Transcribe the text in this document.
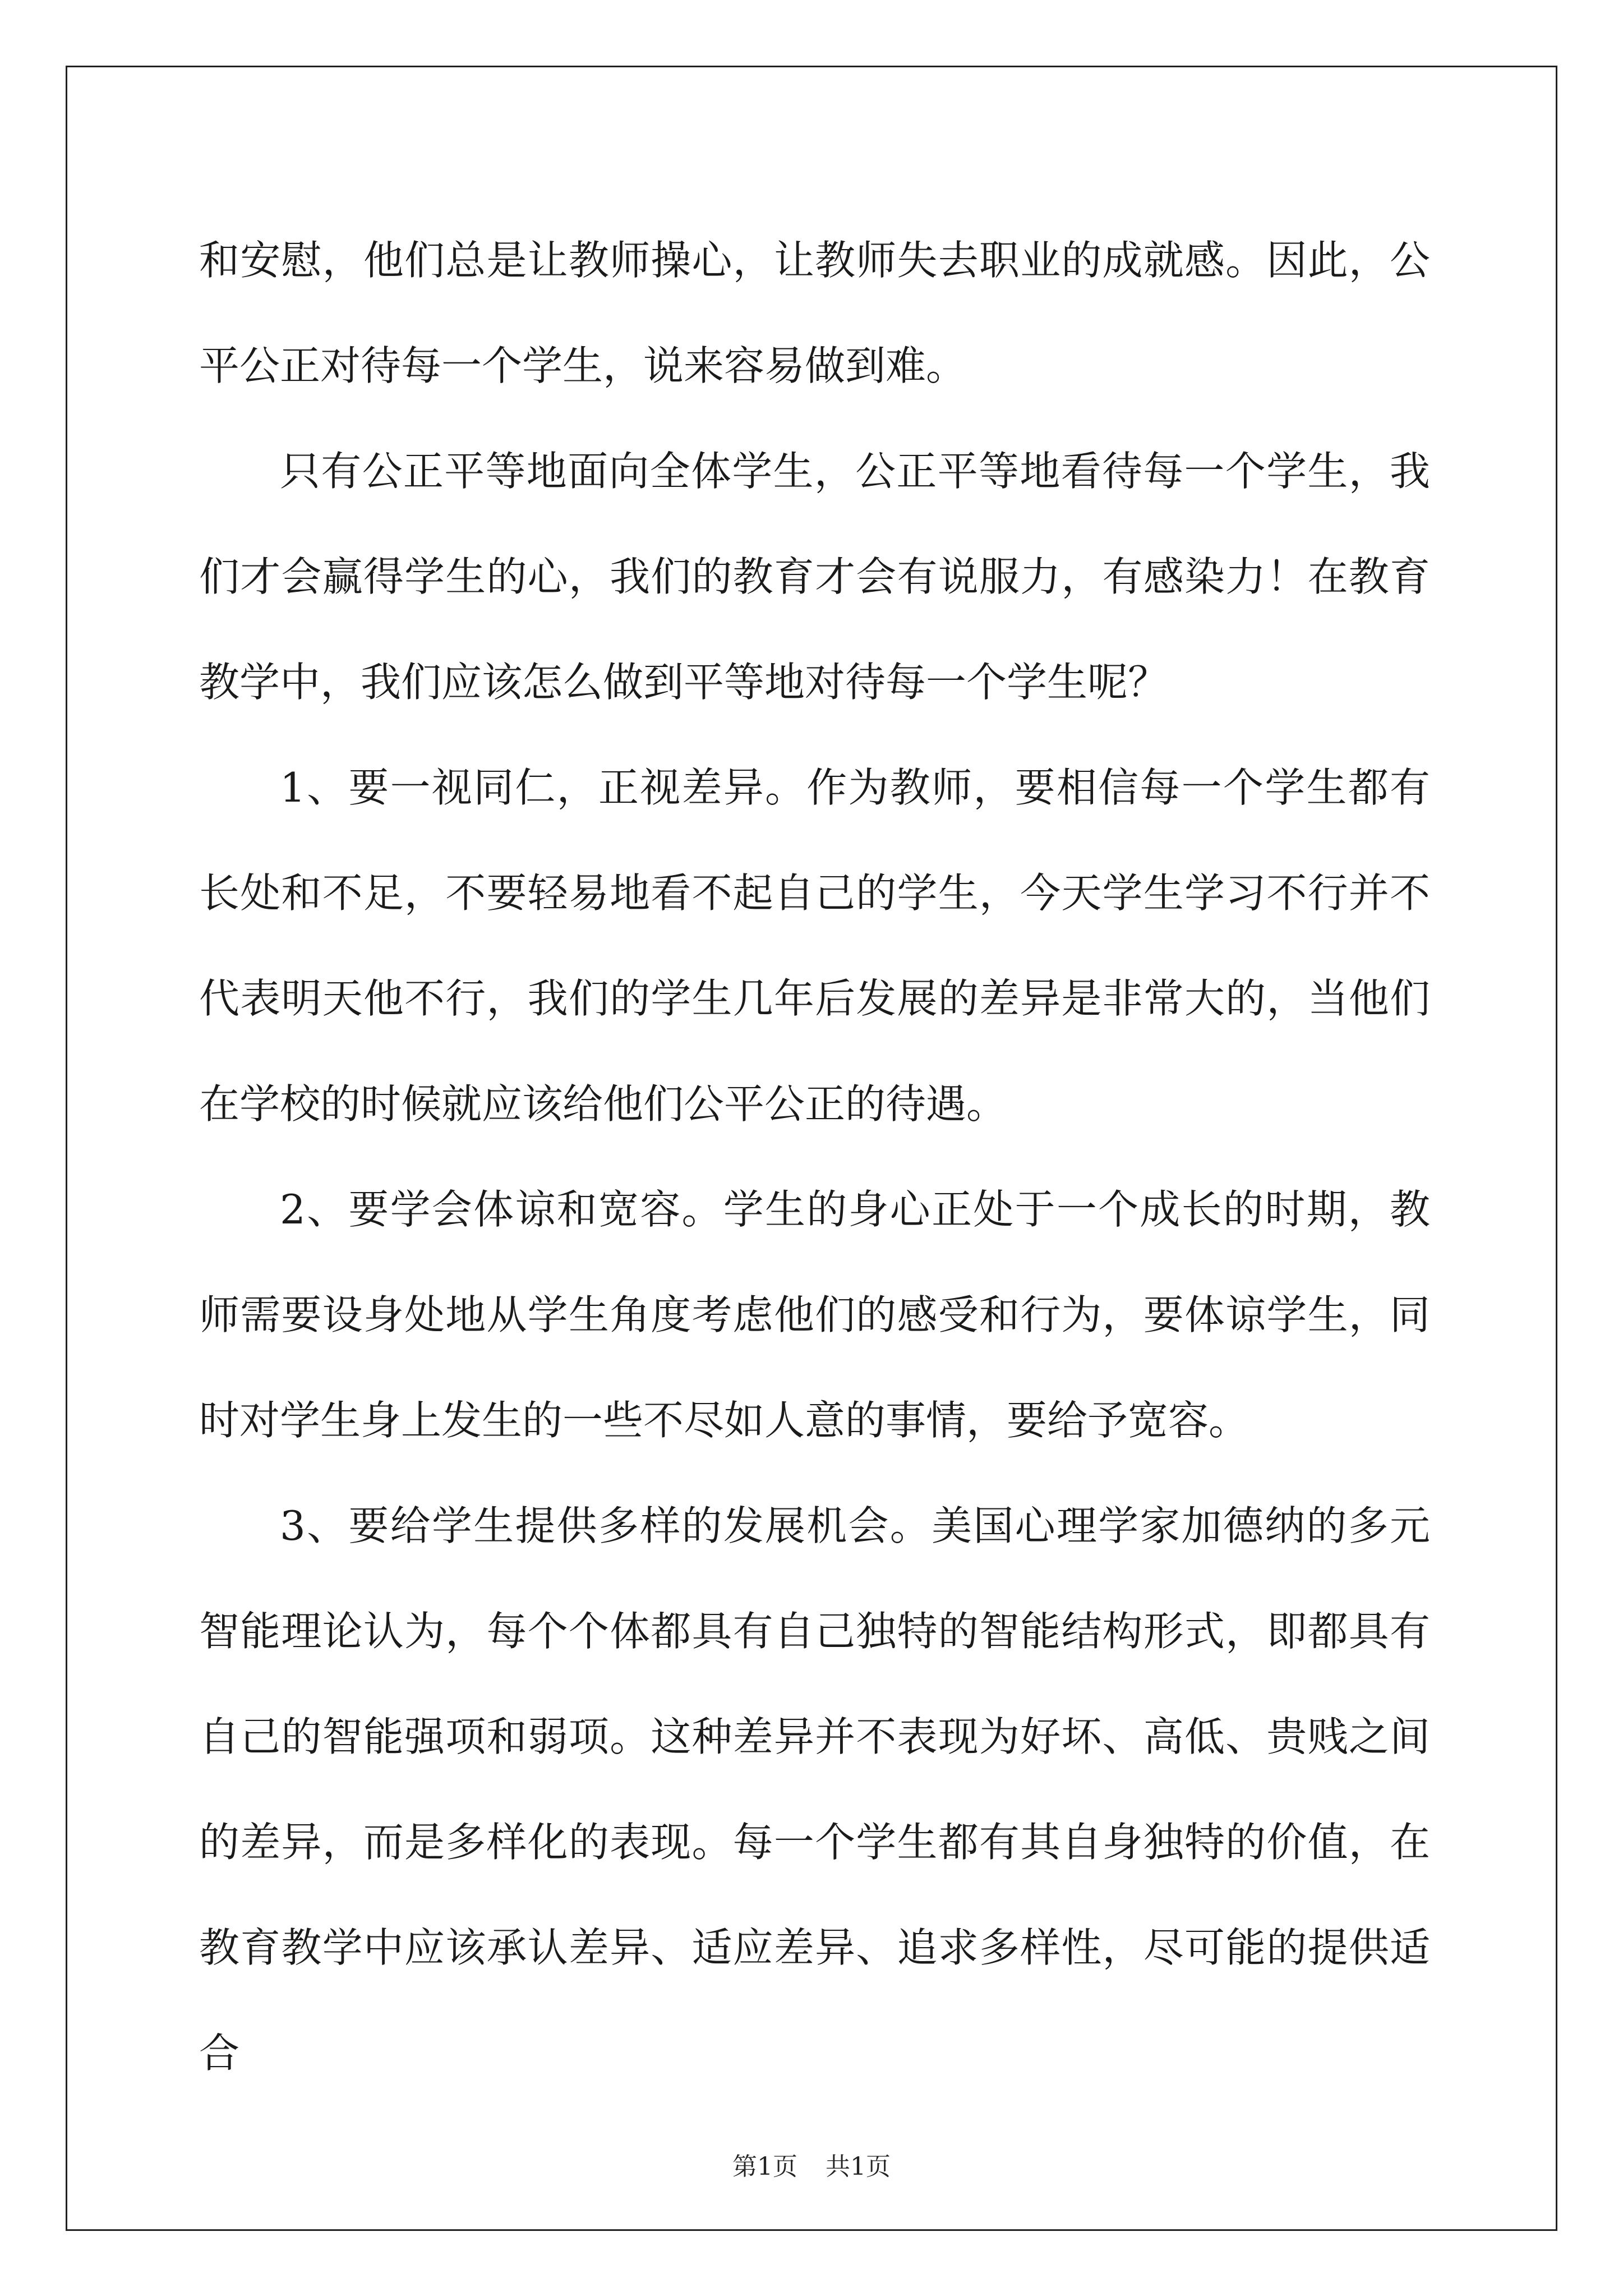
和安慰，他们总是让教师操心，让教师失去职业的成就感。因此，公平公正对待每一个学生，说来容易做到难。

只有公正平等地面向全体学生，公正平等地看待每一个学生，我们才会赢得学生的心，我们的教育才会有说服力，有感染力！在教育教学中，我们应该怎么做到平等地对待每一个学生呢？

1、要一视同仁，正视差异。作为教师，要相信每一个学生都有长处和不足，不要轻易地看不起自己的学生，今天学生学习不行并不代表明天他不行，我们的学生几年后发展的差异是非常大的，当他们在学校的时候就应该给他们公平公正的待遇。

2、要学会体谅和宽容。学生的身心正处于一个成长的时期，教师需要设身处地从学生角度考虑他们的感受和行为，要体谅学生，同时对学生身上发生的一些不尽如人意的事情，要给予宽容。

3、要给学生提供多样的发展机会。美国心理学家加德纳的多元智能理论认为，每个个体都具有自己独特的智能结构形式，即都具有自己的智能强项和弱项。这种差异并不表现为好坏、高低、贵贱之间的差异，而是多样化的表现。每一个学生都有其自身独特的价值，在教育教学中应该承认差异、适应差异、追求多样性，尽可能的提供适合

第1页 共1页
